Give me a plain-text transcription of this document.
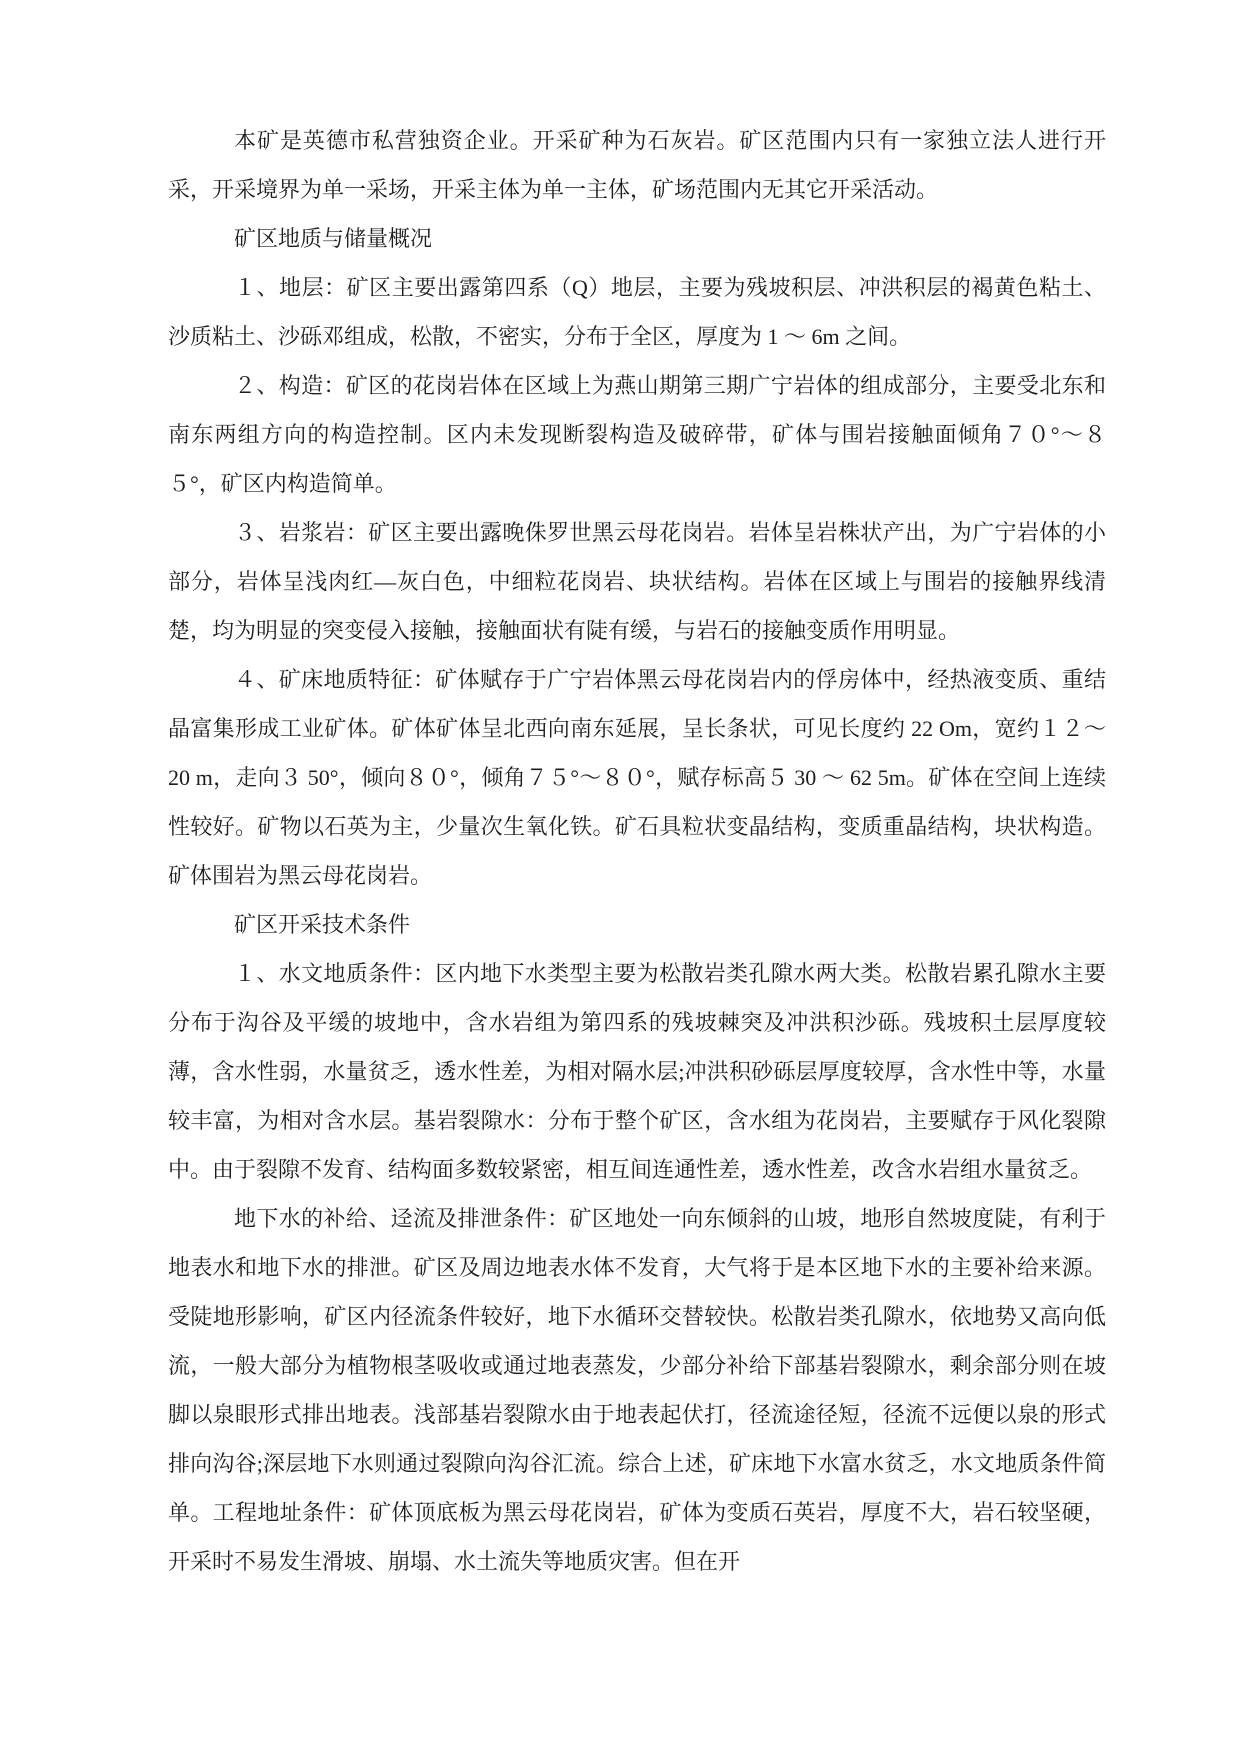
本矿是英德市私营独资企业。开采矿种为石灰岩。矿区范围内只有一家独立法人进行开采，开采境界为单一采场，开采主体为单一主体，矿场范围内无其它开采活动。

矿区地质与储量概况

１、地层：矿区主要出露第四系（Q）地层，主要为残坡积层、冲洪积层的褐黄色粘土、沙质粘土、沙砾邓组成，松散，不密实，分布于全区，厚度为 1 ～ 6m 之间。

２、构造：矿区的花岗岩体在区域上为燕山期第三期广宁岩体的组成部分，主要受北东和南东两组方向的构造控制。区内未发现断裂构造及破碎带，矿体与围岩接触面倾角７０°～８５°，矿区内构造简单。

３、岩浆岩：矿区主要出露晚侏罗世黑云母花岗岩。岩体呈岩株状产出，为广宁岩体的小部分，岩体呈浅肉红—灰白色，中细粒花岗岩、块状结构。岩体在区域上与围岩的接触界线清楚，均为明显的突变侵入接触，接触面状有陡有缓，与岩石的接触变质作用明显。

４、矿床地质特征：矿体赋存于广宁岩体黑云母花岗岩内的俘房体中，经热液变质、重结晶富集形成工业矿体。矿体矿体呈北西向南东延展，呈长条状，可见长度约 22 Om，宽约１２～ 20 m，走向３ 50°，倾向８０°，倾角７５°～８０°，赋存标高５ 30 ～ 62 5m。矿体在空间上连续性较好。矿物以石英为主，少量次生氧化铁。矿石具粒状变晶结构，变质重晶结构，块状构造。矿体围岩为黑云母花岗岩。

矿区开采技术条件

１、水文地质条件：区内地下水类型主要为松散岩类孔隙水两大类。松散岩累孔隙水主要分布于沟谷及平缓的坡地中，含水岩组为第四系的残坡棘突及冲洪积沙砾。残坡积土层厚度较薄，含水性弱，水量贫乏，透水性差，为相对隔水层;冲洪积砂砾层厚度较厚，含水性中等，水量较丰富，为相对含水层。基岩裂隙水：分布于整个矿区，含水组为花岗岩，主要赋存于风化裂隙中。由于裂隙不发育、结构面多数较紧密，相互间连通性差，透水性差，改含水岩组水量贫乏。

地下水的补给、迳流及排泄条件：矿区地处一向东倾斜的山坡，地形自然坡度陡，有利于地表水和地下水的排泄。矿区及周边地表水体不发育，大气将于是本区地下水的主要补给来源。受陡地形影响，矿区内径流条件较好，地下水循环交替较快。松散岩类孔隙水，依地势又高向低流，一般大部分为植物根茎吸收或通过地表蒸发，少部分补给下部基岩裂隙水，剩余部分则在坡脚以泉眼形式排出地表。浅部基岩裂隙水由于地表起伏打，径流途径短，径流不远便以泉的形式排向沟谷;深层地下水则通过裂隙向沟谷汇流。综合上述，矿床地下水富水贫乏，水文地质条件简单。工程地址条件：矿体顶底板为黑云母花岗岩，矿体为变质石英岩，厚度不大，岩石较坚硬，开采时不易发生滑坡、崩塌、水土流失等地质灾害。但在开
